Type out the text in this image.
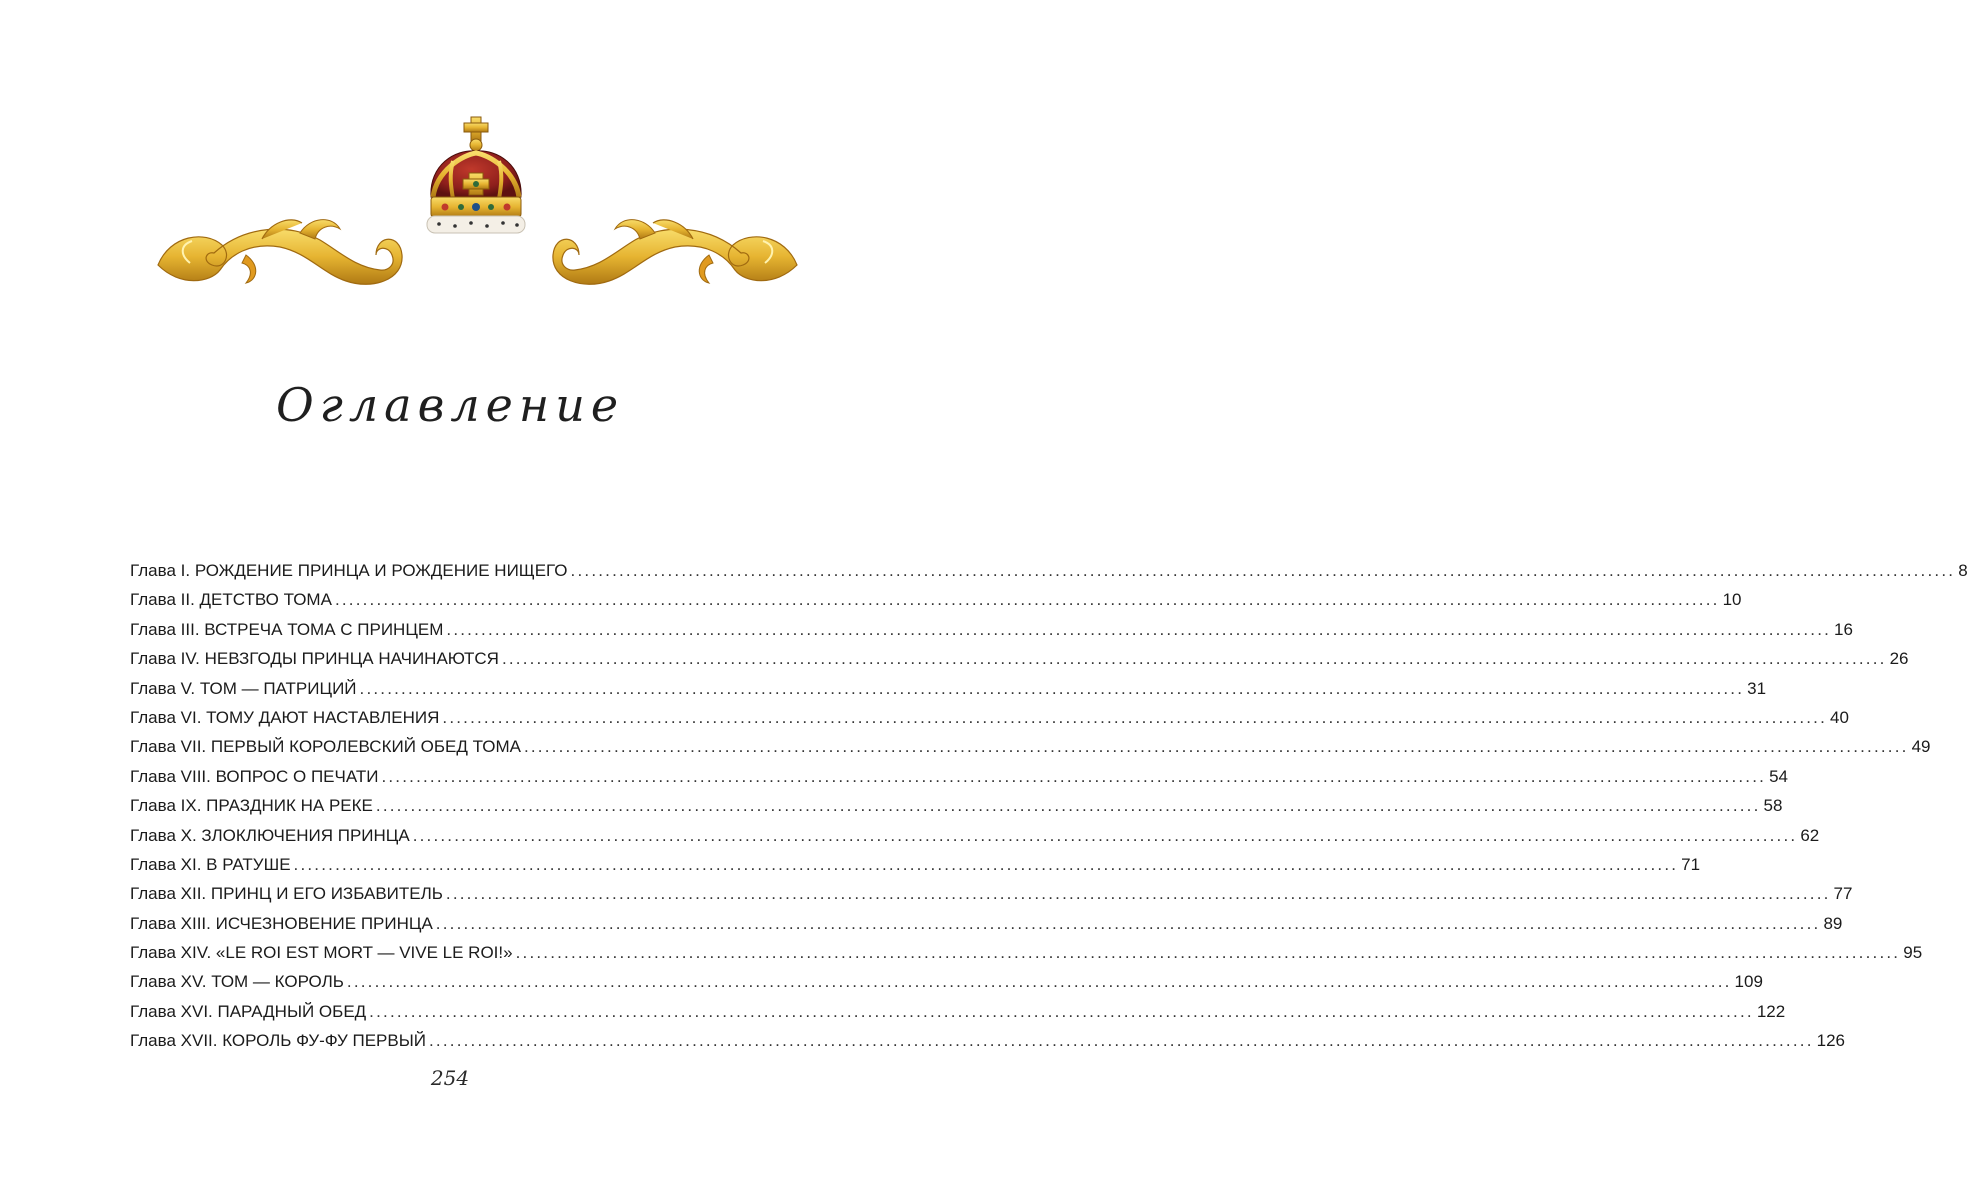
Оглавление
Глава I. РОЖДЕНИЕ ПРИНЦА И РОЖДЕНИЕ НИЩЕГО ........................................................................................................................................................................................................ 8
Глава II. ДЕТСТВО ТОМА ........................................................................................................................................................................................................ 10
Глава III. ВСТРЕЧА ТОМА С ПРИНЦЕМ ........................................................................................................................................................................................................ 16
Глава IV. НЕВЗГОДЫ ПРИНЦА НАЧИНАЮТСЯ ........................................................................................................................................................................................................ 26
Глава V. ТОМ — ПАТРИЦИЙ ........................................................................................................................................................................................................ 31
Глава VI. ТОМУ ДАЮТ НАСТАВЛЕНИЯ ........................................................................................................................................................................................................ 40
Глава VII. ПЕРВЫЙ КОРОЛЕВСКИЙ ОБЕД ТОМА ........................................................................................................................................................................................................ 49
Глава VIII. ВОПРОС О ПЕЧАТИ ........................................................................................................................................................................................................ 54
Глава IX. ПРАЗДНИК НА РЕКЕ ........................................................................................................................................................................................................ 58
Глава X. ЗЛОКЛЮЧЕНИЯ ПРИНЦА ........................................................................................................................................................................................................ 62
Глава XI. В РАТУШЕ ........................................................................................................................................................................................................ 71
Глава XII. ПРИНЦ И ЕГО ИЗБАВИТЕЛЬ ........................................................................................................................................................................................................ 77
Глава XIII. ИСЧЕЗНОВЕНИЕ ПРИНЦА ........................................................................................................................................................................................................ 89
Глава XIV. «LE ROI EST MORT — VIVE LE ROI!» ........................................................................................................................................................................................................ 95
Глава XV. ТОМ — КОРОЛЬ ........................................................................................................................................................................................................ 109
Глава XVI. ПАРАДНЫЙ ОБЕД ........................................................................................................................................................................................................ 122
Глава XVII. КОРОЛЬ ФУ-ФУ ПЕРВЫЙ ........................................................................................................................................................................................................ 126
254
